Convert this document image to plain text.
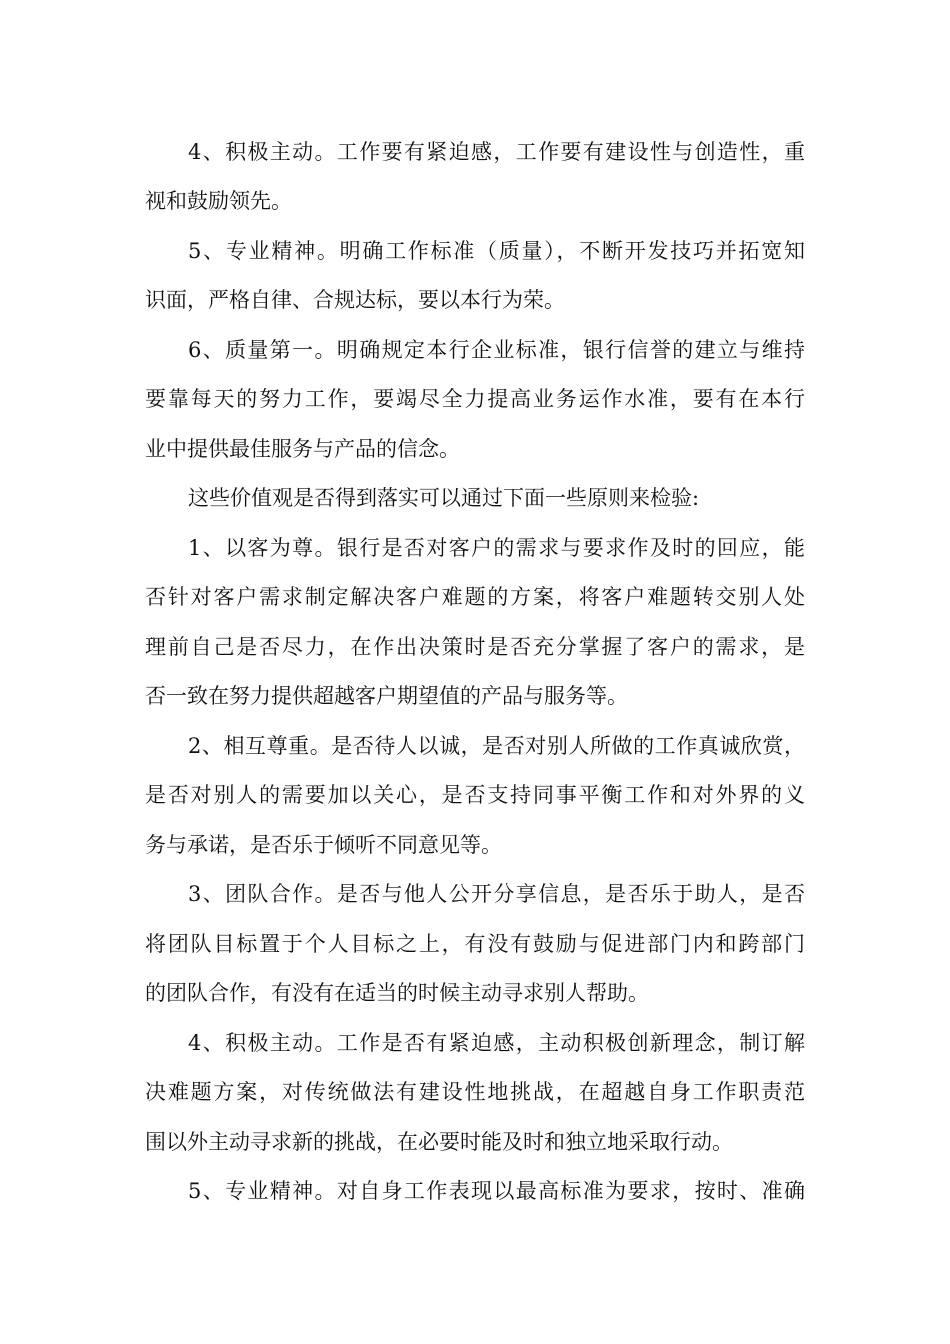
4、积极主动。工作要有紧迫感，工作要有建设性与创造性，重
视和鼓励领先。
5、专业精神。明确工作标准（质量），不断开发技巧并拓宽知
识面，严格自律、合规达标，要以本行为荣。
6、质量第一。明确规定本行企业标准，银行信誉的建立与维持
要靠每天的努力工作，要竭尽全力提高业务运作水准，要有在本行
业中提供最佳服务与产品的信念。
这些价值观是否得到落实可以通过下面一些原则来检验:
1、以客为尊。银行是否对客户的需求与要求作及时的回应，能
否针对客户需求制定解决客户难题的方案，将客户难题转交别人处
理前自己是否尽力，在作出决策时是否充分掌握了客户的需求，是
否一致在努力提供超越客户期望值的产品与服务等。
2、相互尊重。是否待人以诚，是否对别人所做的工作真诚欣赏，
是否对别人的需要加以关心，是否支持同事平衡工作和对外界的义
务与承诺，是否乐于倾听不同意见等。
3、团队合作。是否与他人公开分享信息，是否乐于助人，是否
将团队目标置于个人目标之上，有没有鼓励与促进部门内和跨部门
的团队合作，有没有在适当的时候主动寻求别人帮助。
4、积极主动。工作是否有紧迫感，主动积极创新理念，制订解
决难题方案，对传统做法有建设性地挑战，在超越自身工作职责范
围以外主动寻求新的挑战，在必要时能及时和独立地采取行动。
5、专业精神。对自身工作表现以最高标准为要求，按时、准确
